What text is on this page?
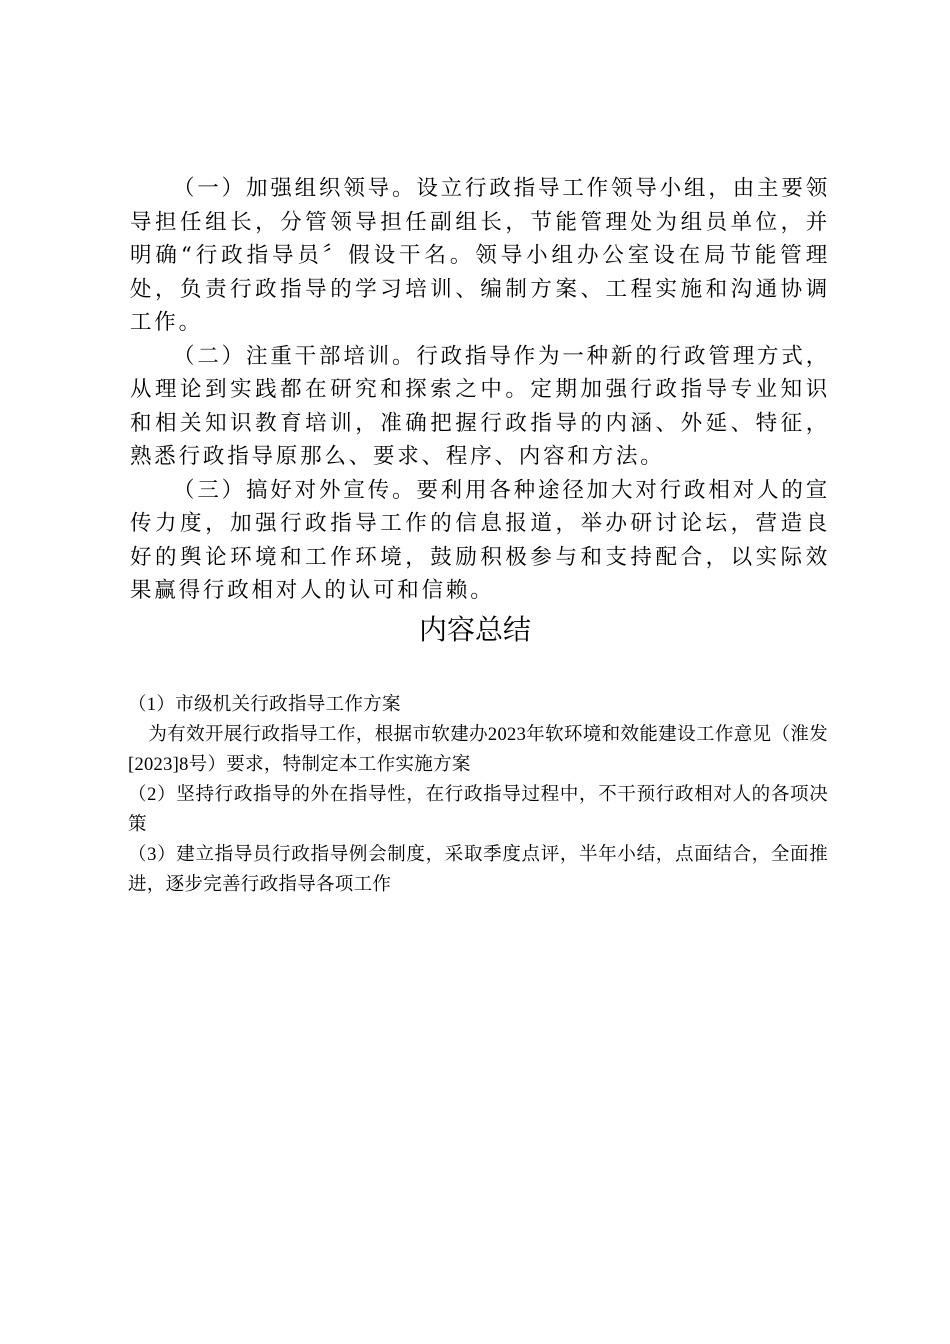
（一）加强组织领导。设立行政指导工作领导小组，由主要领导担任组长，分管领导担任副组长，节能管理处为组员单位，并明确“行政指导员〞假设干名。领导小组办公室设在局节能管理处，负责行政指导的学习培训、编制方案、工程实施和沟通协调工作。

（二）注重干部培训。行政指导作为一种新的行政管理方式，从理论到实践都在研究和探索之中。定期加强行政指导专业知识和相关知识教育培训，准确把握行政指导的内涵、外延、特征，熟悉行政指导原那么、要求、程序、内容和方法。

（三）搞好对外宣传。要利用各种途径加大对行政相对人的宣传力度，加强行政指导工作的信息报道，举办研讨论坛，营造良好的舆论环境和工作环境，鼓励积极参与和支持配合，以实际效果赢得行政相对人的认可和信赖。

内容总结

（1）市级机关行政指导工作方案

为有效开展行政指导工作，根据市软建办2023年软环境和效能建设工作意见（淮发[2023]8号）要求，特制定本工作实施方案

（2）坚持行政指导的外在指导性，在行政指导过程中，不干预行政相对人的各项决策

（3）建立指导员行政指导例会制度，采取季度点评，半年小结，点面结合，全面推进，逐步完善行政指导各项工作
